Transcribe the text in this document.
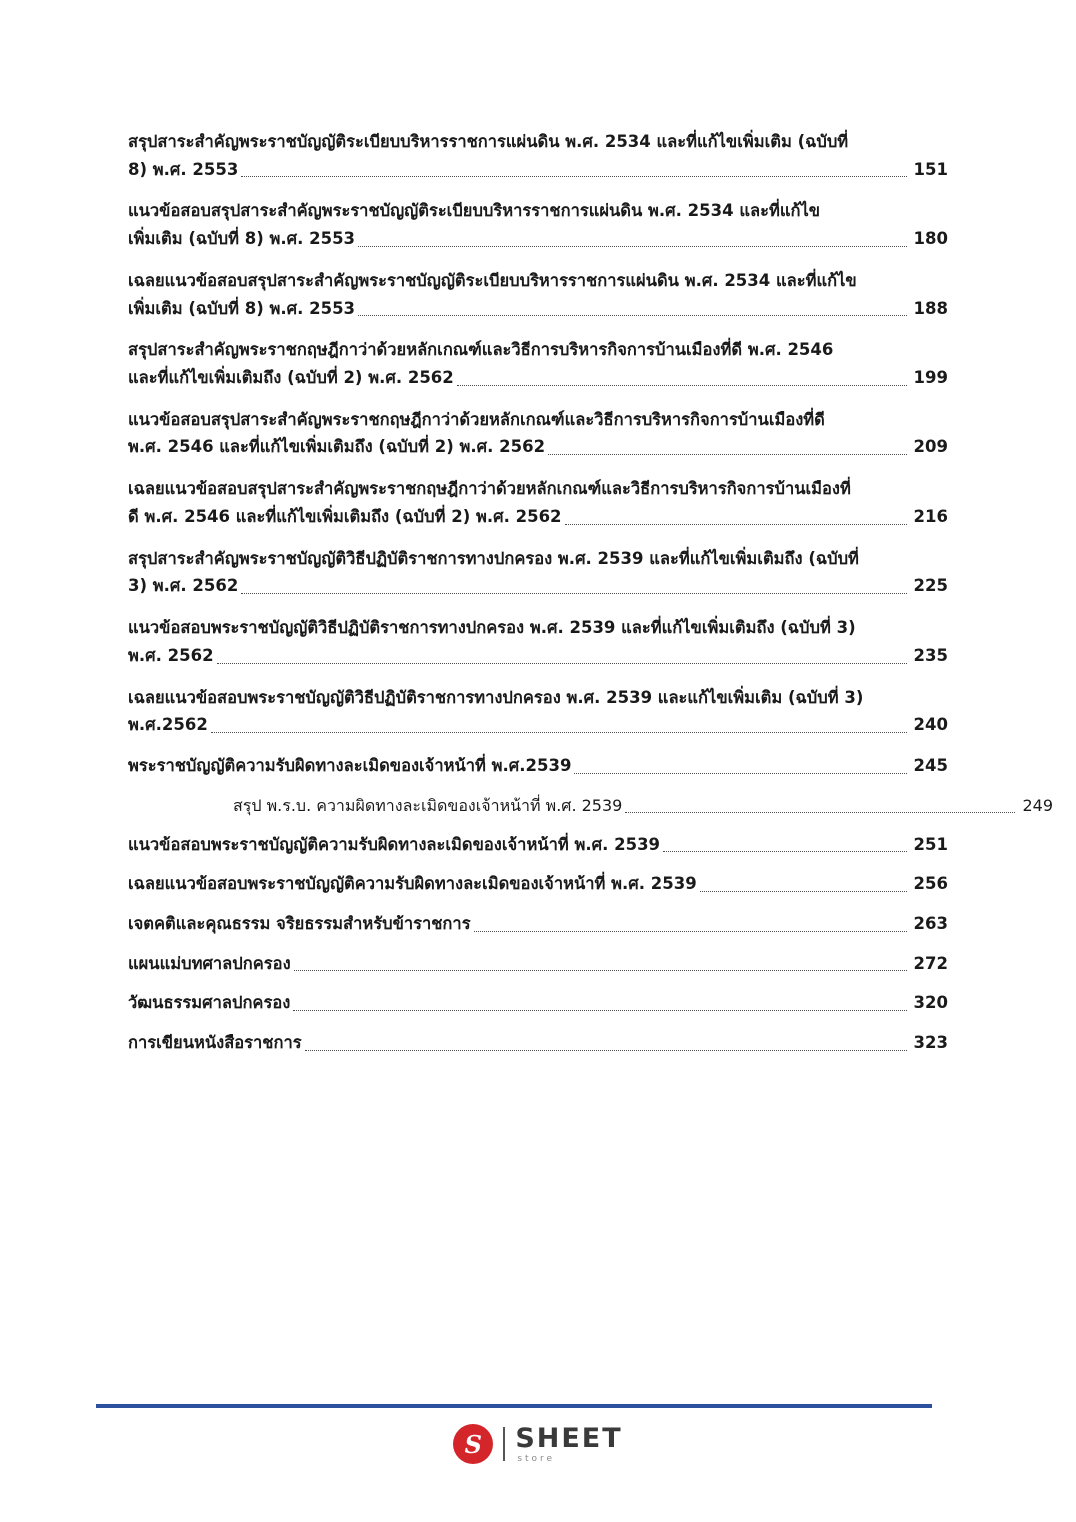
สรุปสาระสำคัญพระราชบัญญัติระเบียบบริหารราชการแผ่นดิน พ.ศ. 2534 และที่แก้ไขเพิ่มเติม (ฉบับที่
8) พ.ศ. 2553	151
แนวข้อสอบสรุปสาระสำคัญพระราชบัญญัติระเบียบบริหารราชการแผ่นดิน พ.ศ. 2534 และที่แก้ไข
เพิ่มเติม (ฉบับที่ 8) พ.ศ. 2553	180
เฉลยแนวข้อสอบสรุปสาระสำคัญพระราชบัญญัติระเบียบบริหารราชการแผ่นดิน พ.ศ. 2534 และที่แก้ไข
เพิ่มเติม (ฉบับที่ 8) พ.ศ. 2553	188
สรุปสาระสำคัญพระราชกฤษฎีกาว่าด้วยหลักเกณฑ์และวิธีการบริหารกิจการบ้านเมืองที่ดี พ.ศ. 2546
และที่แก้ไขเพิ่มเติมถึง (ฉบับที่ 2) พ.ศ. 2562	199
แนวข้อสอบสรุปสาระสำคัญพระราชกฤษฎีกาว่าด้วยหลักเกณฑ์และวิธีการบริหารกิจการบ้านเมืองที่ดี
พ.ศ. 2546 และที่แก้ไขเพิ่มเติมถึง (ฉบับที่ 2) พ.ศ. 2562	209
เฉลยแนวข้อสอบสรุปสาระสำคัญพระราชกฤษฎีกาว่าด้วยหลักเกณฑ์และวิธีการบริหารกิจการบ้านเมืองที่
ดี พ.ศ. 2546 และที่แก้ไขเพิ่มเติมถึง (ฉบับที่ 2) พ.ศ. 2562	216
สรุปสาระสำคัญพระราชบัญญัติวิธีปฏิบัติราชการทางปกครอง พ.ศ. 2539 และที่แก้ไขเพิ่มเติมถึง (ฉบับที่
3) พ.ศ. 2562	225
แนวข้อสอบพระราชบัญญัติวิธีปฏิบัติราชการทางปกครอง พ.ศ. 2539 และที่แก้ไขเพิ่มเติมถึง (ฉบับที่ 3)
พ.ศ. 2562	235
เฉลยแนวข้อสอบพระราชบัญญัติวิธีปฏิบัติราชการทางปกครอง พ.ศ. 2539 และแก้ไขเพิ่มเติม (ฉบับที่ 3)
พ.ศ.2562	240
พระราชบัญญัติความรับผิดทางละเมิดของเจ้าหน้าที่ พ.ศ.2539	245
สรุป พ.ร.บ. ความผิดทางละเมิดของเจ้าหน้าที่ พ.ศ. 2539	249
แนวข้อสอบพระราชบัญญัติความรับผิดทางละเมิดของเจ้าหน้าที่ พ.ศ. 2539	251
เฉลยแนวข้อสอบพระราชบัญญัติความรับผิดทางละเมิดของเจ้าหน้าที่ พ.ศ. 2539	256
เจตคติและคุณธรรม จริยธรรมสำหรับข้าราชการ	263
แผนแม่บทศาลปกครอง	272
วัฒนธรรมศาลปกครอง	320
การเขียนหนังสือราชการ	323
S SHEET
store
